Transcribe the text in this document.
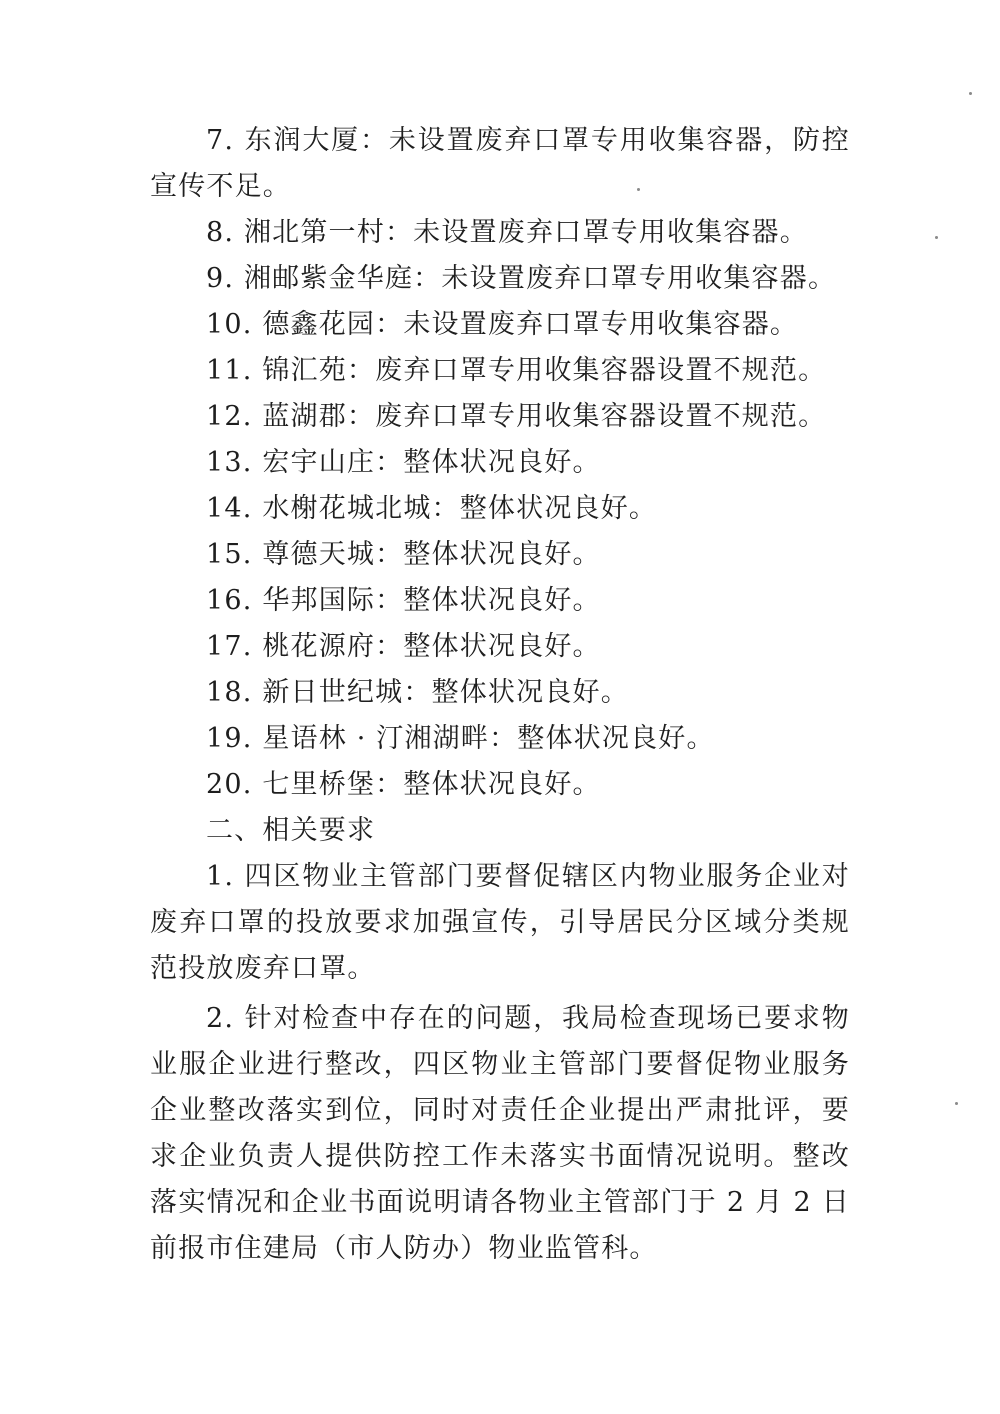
7. 东润大厦：未设置废弃口罩专用收集容器，防控宣传不足。

8. 湘北第一村：未设置废弃口罩专用收集容器。

9. 湘邮紫金华庭：未设置废弃口罩专用收集容器。

10. 德鑫花园：未设置废弃口罩专用收集容器。

11. 锦汇苑：废弃口罩专用收集容器设置不规范。

12. 蓝湖郡：废弃口罩专用收集容器设置不规范。

13. 宏宇山庄：整体状况良好。

14. 水榭花城北城：整体状况良好。

15. 尊德天城：整体状况良好。

16. 华邦国际：整体状况良好。

17. 桃花源府：整体状况良好。

18. 新日世纪城：整体状况良好。

19. 星语林 · 汀湘湖畔：整体状况良好。

20. 七里桥堡：整体状况良好。

二、相关要求

1. 四区物业主管部门要督促辖区内物业服务企业对废弃口罩的投放要求加强宣传，引导居民分区域分类规范投放废弃口罩。

2. 针对检查中存在的问题，我局检查现场已要求物业服企业进行整改，四区物业主管部门要督促物业服务企业整改落实到位，同时对责任企业提出严肃批评，要求企业负责人提供防控工作未落实书面情况说明。整改落实情况和企业书面说明请各物业主管部门于 2 月 2 日前报市住建局（市人防办）物业监管科。
